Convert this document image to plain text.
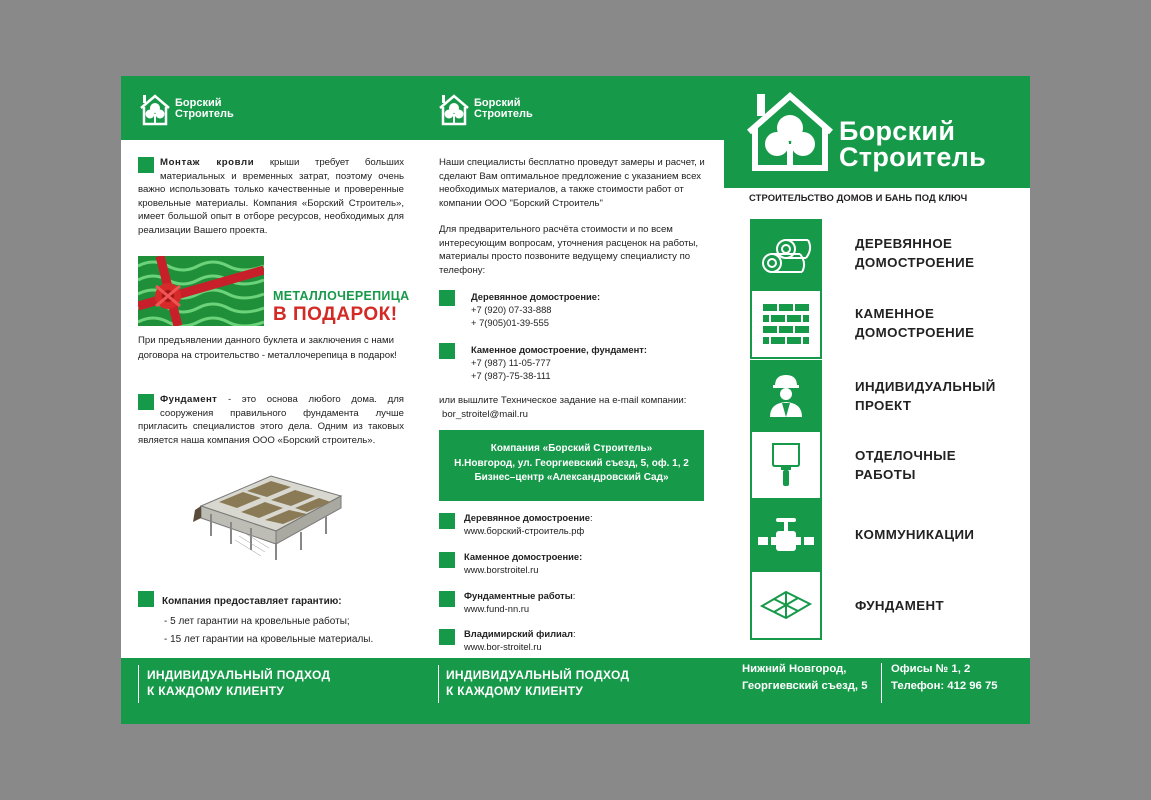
Борский
Строитель
Монтаж кровли крыши требует больших материальных и временных затрат, поэтому очень важно использовать только качественные и проверенные кровельные материалы. Компания «Борский Строитель», имеет большой опыт в отборе ресурсов, необходимых для реализации Вашего проекта.
МЕТАЛЛОЧЕРЕПИЦА
В ПОДАРОК!
При предъявлении данного буклета и заключения с нами договора на строительство - металлочерепица в подарок!
Фундамент - это основа любого дома. для сооружения правильного фундамента лучше пригласить специалистов этого дела. Одним из таковых является наша компания ООО «Борский строитель».
Компания предоставляет гарантию:
- 5 лет гарантии на кровельные работы;
- 15 лет гарантии на кровельные материалы.
Борский
Строитель
Наши специалисты бесплатно проведут замеры и расчет, и сделают Вам оптимальное предложение с указанием всех необходимых материалов, а также стоимости работ от компании ООО "Борский Строитель"
Для предварительного расчёта стоимости и по всем интересующим вопросам, уточнения расценок на работы, материалы просто позвоните ведущему специалисту по телефону:
Деревянное домостроение:
+7 (920) 07-33-888
+ 7(905)01-39-555
Каменное домостроение, фундамент:
+7 (987) 11-05-777
+7 (987)-75-38-111
или вышлите Техническое задание на e-mail компании:
bor_stroitel@mail.ru
Компания «Борский Строитель»
Н.Новгород, ул. Георгиевский съезд, 5, оф. 1, 2
Бизнес–центр «Александровский Сад»
Деревянное домостроение:
www.борский-строитель.рф
Каменное домостроение:
www.borstroitel.ru
Фундаментные работы:
www.fund-nn.ru
Владимирский филиал:
www.bor-stroitel.ru
Борский
Строитель
СТРОИТЕЛЬСТВО ДОМОВ И БАНЬ ПОД КЛЮЧ
ДЕРЕВЯННОЕ
ДОМОСТРОЕНИЕ
КАМЕННОЕ
ДОМОСТРОЕНИЕ
ИНДИВИДУАЛЬНЫЙ
ПРОЕКТ
ОТДЕЛОЧНЫЕ
РАБОТЫ
КОММУНИКАЦИИ
ФУНДАМЕНТ
ИНДИВИДУАЛЬНЫЙ ПОДХОД
К КАЖДОМУ КЛИЕНТУ
ИНДИВИДУАЛЬНЫЙ ПОДХОД
К КАЖДОМУ КЛИЕНТУ
Нижний Новгород,
Георгиевский съезд, 5
Офисы № 1, 2
Телефон: 412 96 75
